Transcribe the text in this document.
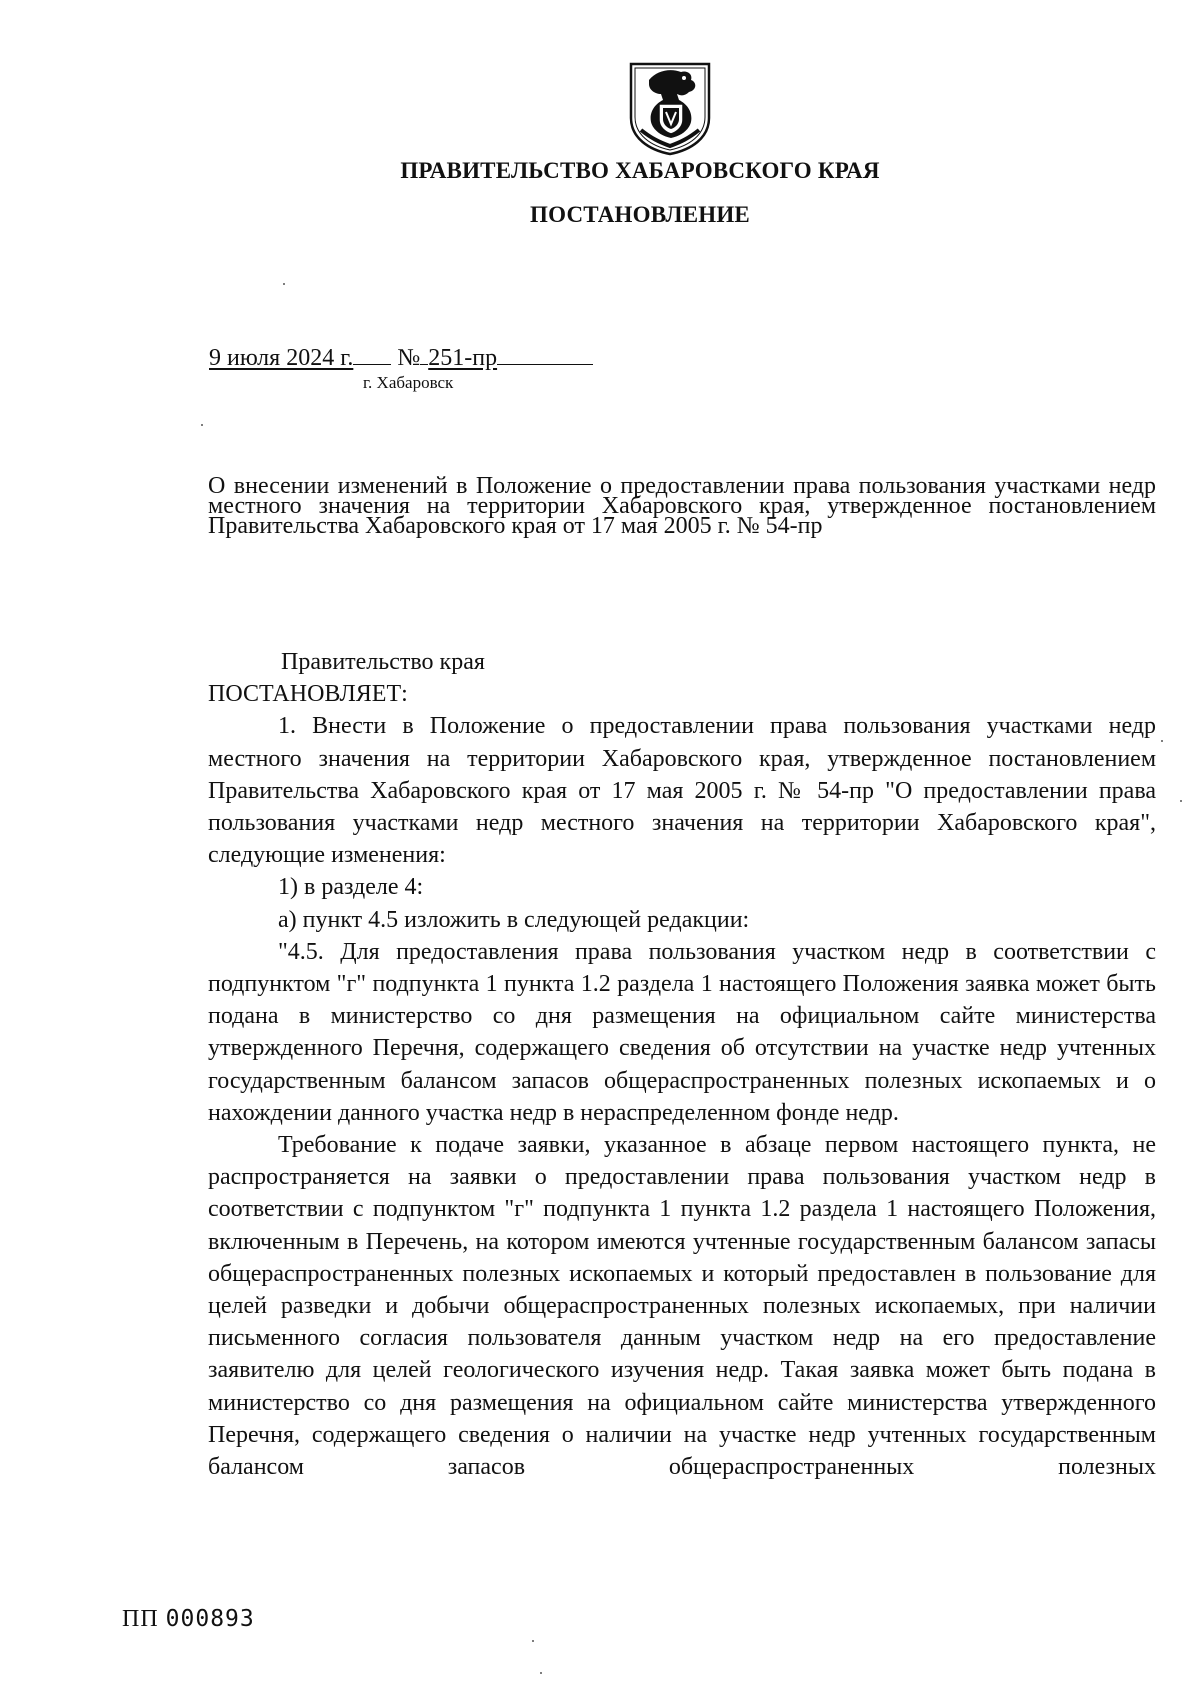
ПРАВИТЕЛЬСТВО ХАБАРОВСКОГО КРАЯ
ПОСТАНОВЛЕНИЕ
9 июля 2024 г. № 251-пр
г. Хабаровск
О внесении изменений в Положение о предоставлении права пользования участками недр местного значения на территории Хабаровского края, утвержденное постановлением Правительства Хабаровского края от 17 мая 2005 г. № 54-пр

Правительство края

ПОСТАНОВЛЯЕТ:

1. Внести в Положение о предоставлении права пользования участками недр местного значения на территории Хабаровского края, утвержденное постановлением Правительства Хабаровского края от 17 мая 2005 г. № 54-пр "О предоставлении права пользования участками недр местного значения на территории Хабаровского края", следующие изменения:

1) в разделе 4:

а) пункт 4.5 изложить в следующей редакции:

"4.5. Для предоставления права пользования участком недр в соответствии с подпунктом "г" подпункта 1 пункта 1.2 раздела 1 настоящего Положения заявка может быть подана в министерство со дня размещения на официальном сайте министерства утвержденного Перечня, содержащего сведения об отсутствии на участке недр учтенных государственным балансом запасов общераспространенных полезных ископаемых и о нахождении данного участка недр в нераспределенном фонде недр.

Требование к подаче заявки, указанное в абзаце первом настоящего пункта, не распространяется на заявки о предоставлении права пользования участком недр в соответствии с подпунктом "г" подпункта 1 пункта 1.2 раздела 1 настоящего Положения, включенным в Перечень, на котором имеются учтенные государственным балансом запасы общераспространенных полезных ископаемых и который предоставлен в пользование для целей разведки и добычи общераспространенных полезных ископаемых, при наличии письменного согласия пользователя данным участком недр на его предоставление заявителю для целей геологического изучения недр. Такая заявка может быть подана в министерство со дня размещения на официальном сайте министерства утвержденного Перечня, содержащего сведения о наличии на участке недр учтенных государственным балансом запасов общераспространенных полезных

ПП 000893
